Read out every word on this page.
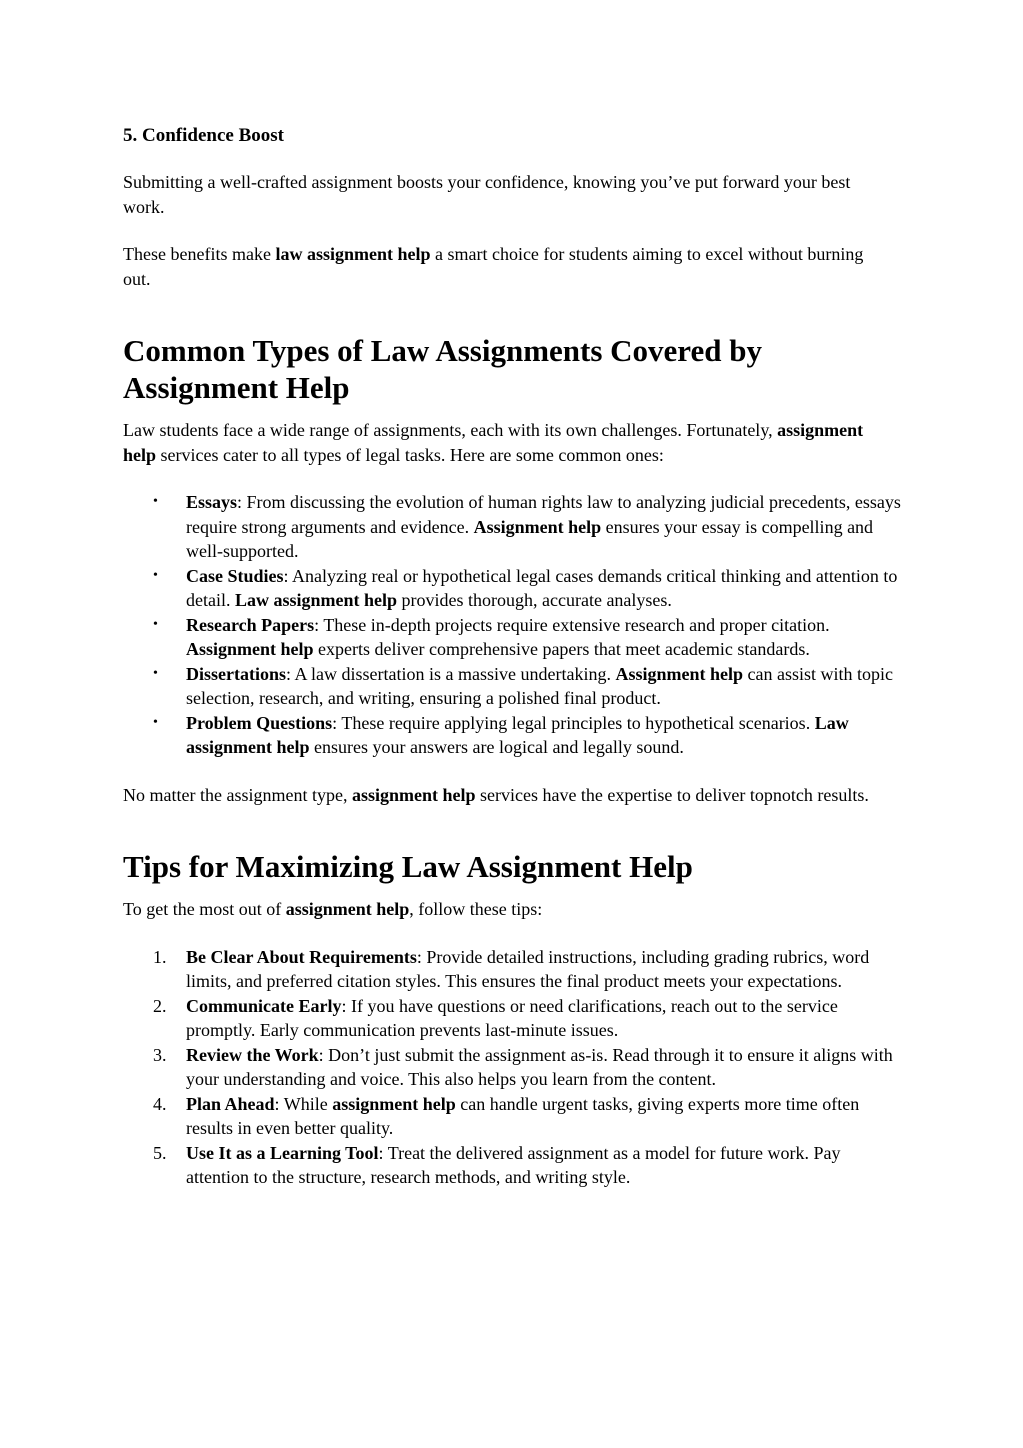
5. Confidence Boost

Submitting a well-crafted assignment boosts your confidence, knowing you’ve put forward your best work.

These benefits make law assignment help a smart choice for students aiming to excel without burning out.

Common Types of Law Assignments Covered by Assignment Help

Law students face a wide range of assignments, each with its own challenges. Fortunately, assignment help services cater to all types of legal tasks. Here are some common ones:

• Essays: From discussing the evolution of human rights law to analyzing judicial precedents, essays require strong arguments and evidence. Assignment help ensures your essay is compelling and well-supported.
• Case Studies: Analyzing real or hypothetical legal cases demands critical thinking and attention to detail. Law assignment help provides thorough, accurate analyses.
• Research Papers: These in-depth projects require extensive research and proper citation. Assignment help experts deliver comprehensive papers that meet academic standards.
• Dissertations: A law dissertation is a massive undertaking. Assignment help can assist with topic selection, research, and writing, ensuring a polished final product.
• Problem Questions: These require applying legal principles to hypothetical scenarios. Law assignment help ensures your answers are logical and legally sound.

No matter the assignment type, assignment help services have the expertise to deliver topnotch results.

Tips for Maximizing Law Assignment Help

To get the most out of assignment help, follow these tips:

1. Be Clear About Requirements: Provide detailed instructions, including grading rubrics, word limits, and preferred citation styles. This ensures the final product meets your expectations.
2. Communicate Early: If you have questions or need clarifications, reach out to the service promptly. Early communication prevents last-minute issues.
3. Review the Work: Don’t just submit the assignment as-is. Read through it to ensure it aligns with your understanding and voice. This also helps you learn from the content.
4. Plan Ahead: While assignment help can handle urgent tasks, giving experts more time often results in even better quality.
5. Use It as a Learning Tool: Treat the delivered assignment as a model for future work. Pay attention to the structure, research methods, and writing style.
